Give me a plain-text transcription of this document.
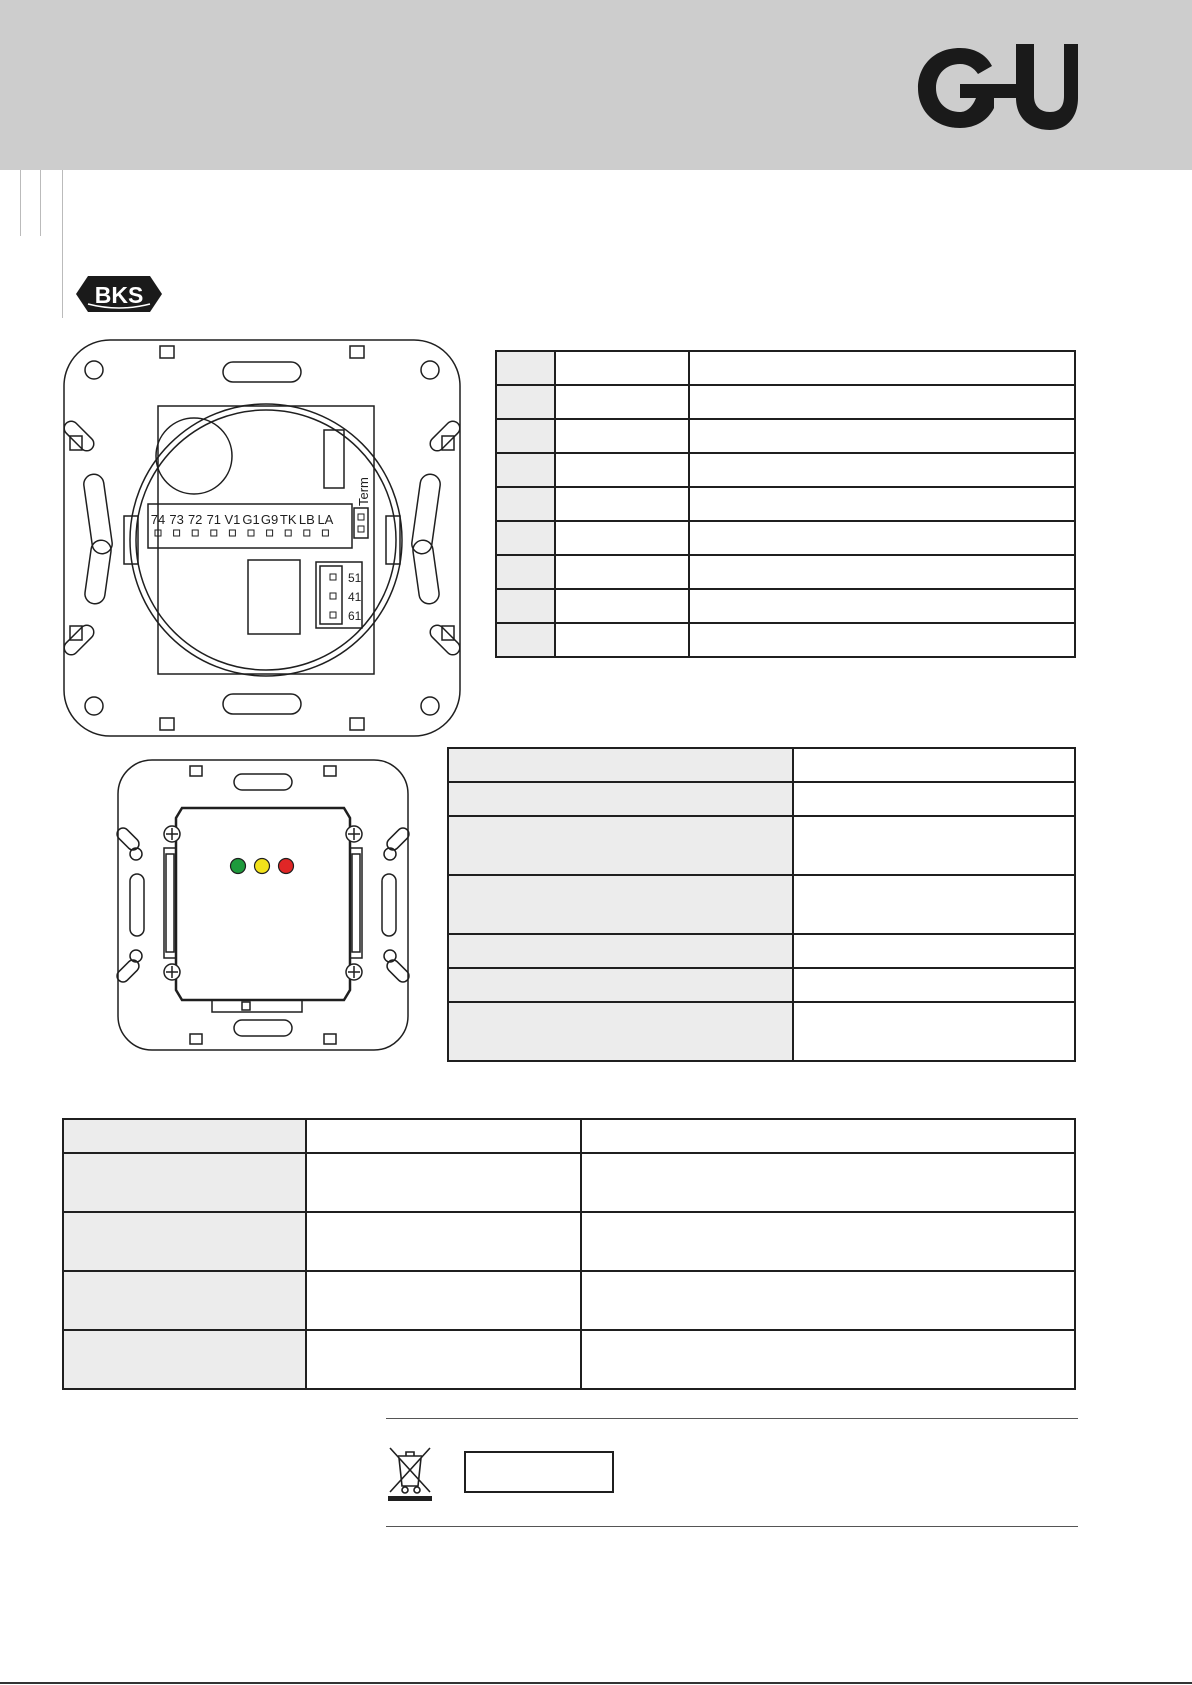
BKS
74 73 72 71 V1 G1 G9 TK LB LA
51
41
61
Term
